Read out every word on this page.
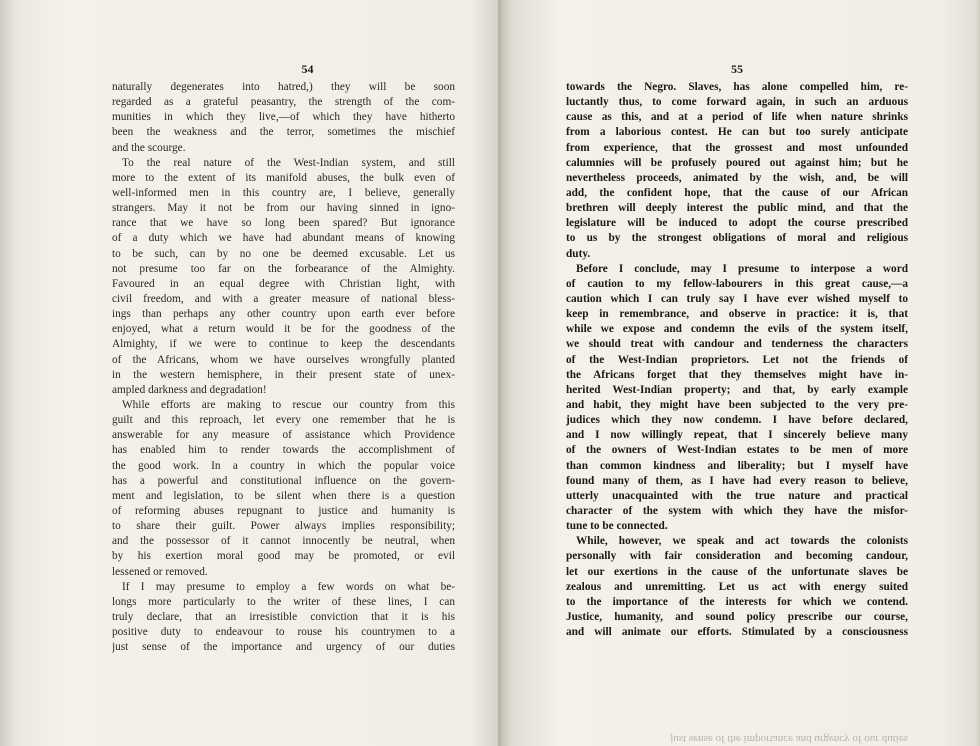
54
naturally degenerates into hatred,) they will be soon
regarded as a grateful peasantry, the strength of the com-
munities in which they live,—of which they have hitherto
been the weakness and the terror, sometimes the mischief
and the scourge.
To the real nature of the West-Indian system, and still
more to the extent of its manifold abuses, the bulk even of
well-informed men in this country are, I believe, generally
strangers. May it not be from our having sinned in igno-
rance that we have so long been spared? But ignorance
of a duty which we have had abundant means of knowing
to be such, can by no one be deemed excusable. Let us
not presume too far on the forbearance of the Almighty.
Favoured in an equal degree with Christian light, with
civil freedom, and with a greater measure of national bless-
ings than perhaps any other country upon earth ever before
enjoyed, what a return would it be for the goodness of the
Almighty, if we were to continue to keep the descendants
of the Africans, whom we have ourselves wrongfully planted
in the western hemisphere, in their present state of unex-
ampled darkness and degradation!
While efforts are making to rescue our country from this
guilt and this reproach, let every one remember that he is
answerable for any measure of assistance which Providence
has enabled him to render towards the accomplishment of
the good work. In a country in which the popular voice
has a powerful and constitutional influence on the govern-
ment and legislation, to be silent when there is a question
of reforming abuses repugnant to justice and humanity is
to share their guilt. Power always implies responsibility;
and the possessor of it cannot innocently be neutral, when
by his exertion moral good may be promoted, or evil
lessened or removed.
If I may presume to employ a few words on what be-
longs more particularly to the writer of these lines, I can
truly declare, that an irresistible conviction that it is his
positive duty to endeavour to rouse his countrymen to a
just sense of the importance and urgency of our duties
55
towards the Negro. Slaves, has alone compelled him, re-
luctantly thus, to come forward again, in such an arduous
cause as this, and at a period of life when nature shrinks
from a laborious contest. He can but too surely anticipate
from experience, that the grossest and most unfounded
calumnies will be profusely poured out against him; but he
nevertheless proceeds, animated by the wish, and, be will
add, the confident hope, that the cause of our African
brethren will deeply interest the public mind, and that the
legislature will be induced to adopt the course prescribed
to us by the strongest obligations of moral and religious
duty.
Before I conclude, may I presume to interpose a word
of caution to my fellow-labourers in this great cause,—a
caution which I can truly say I have ever wished myself to
keep in remembrance, and observe in practice: it is, that
while we expose and condemn the evils of the system itself,
we should treat with candour and tenderness the characters
of the West-Indian proprietors. Let not the friends of
the Africans forget that they themselves might have in-
herited West-Indian property; and that, by early example
and habit, they might have been subjected to the very pre-
judices which they now condemn. I have before declared,
and I now willingly repeat, that I sincerely believe many
of the owners of West-Indian estates to be men of more
than common kindness and liberality; but I myself have
found many of them, as I have had every reason to believe,
utterly unacquainted with the true nature and practical
character of the system with which they have the misfor-
tune to be connected.
While, however, we speak and act towards the colonists
personally with fair consideration and becoming candour,
let our exertions in the cause of the unfortunate slaves be
zealous and unremitting. Let us act with energy suited
to the importance of the interests for which we contend.
Justice, humanity, and sound policy prescribe our course,
and will animate our efforts. Stimulated by a consciousness
just sense of the importance and urgency of our duties
